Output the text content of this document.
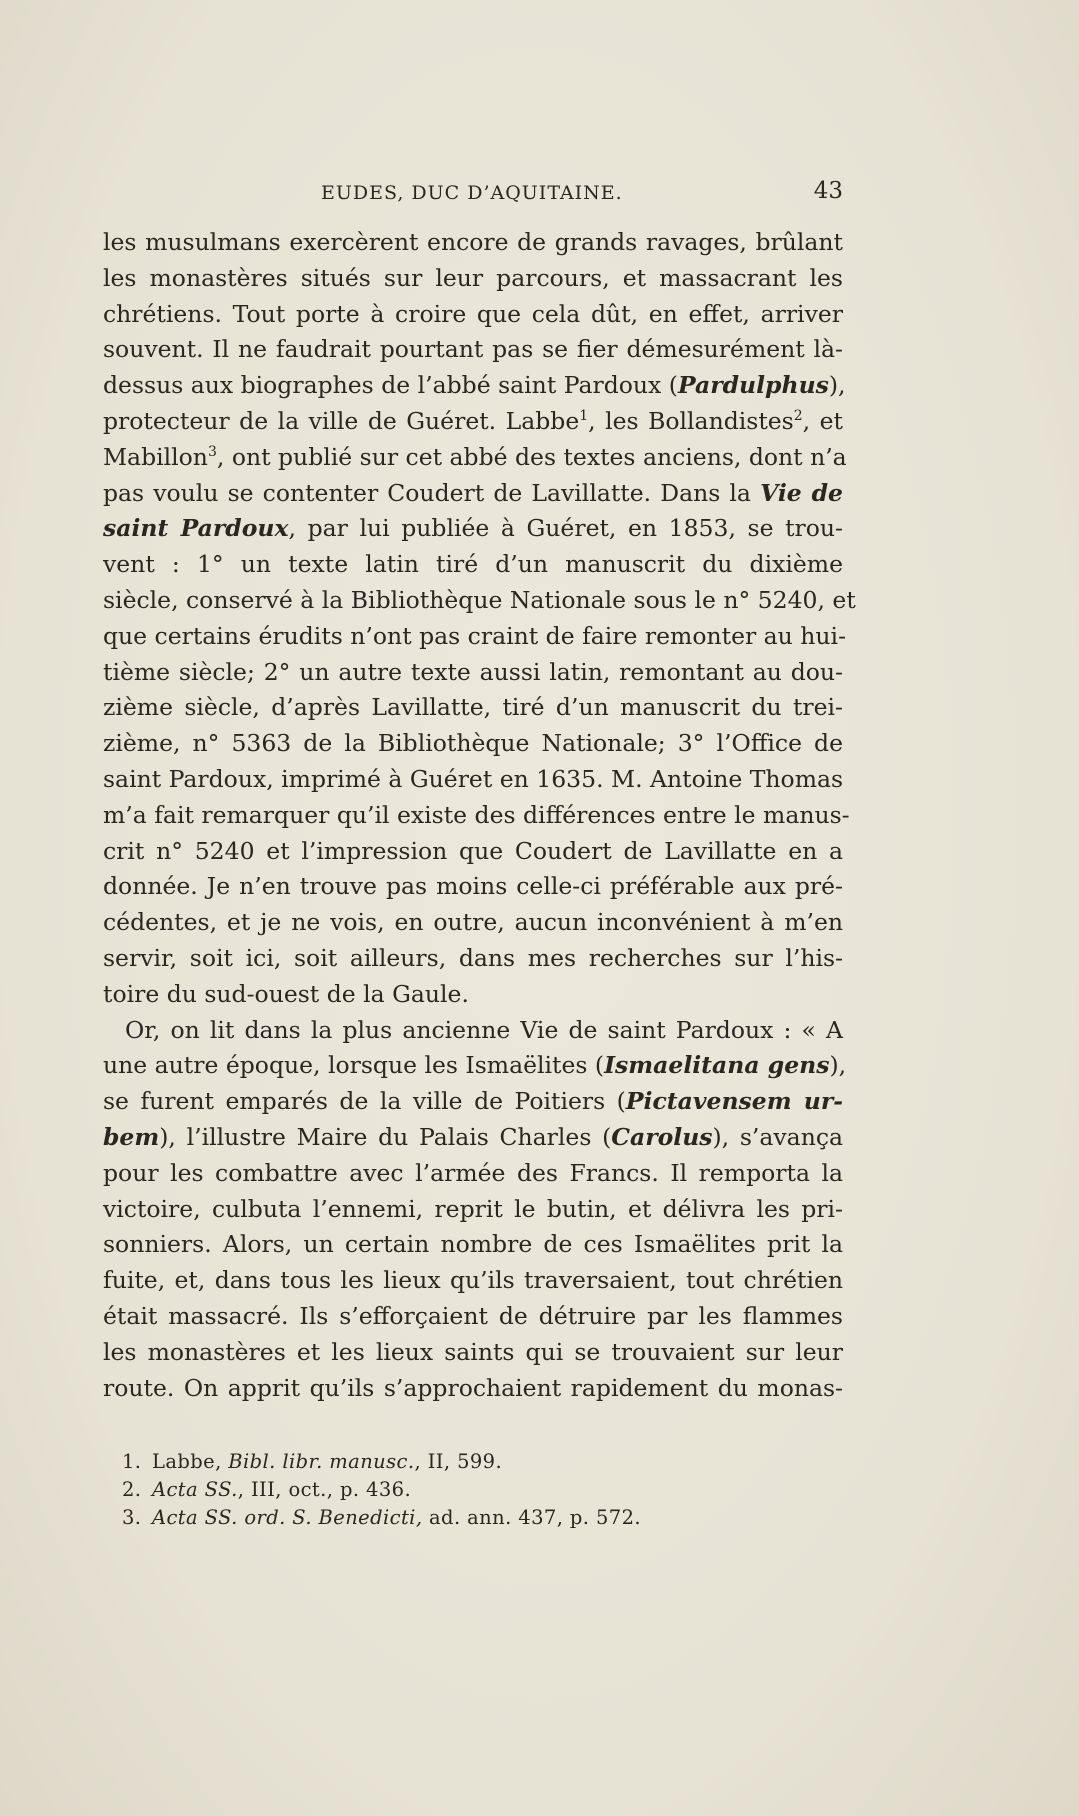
EUDES, DUC D’AQUITAINE.	43
les musulmans exercèrent encore de grands ravages, brûlant
les monastères situés sur leur parcours, et massacrant les
chrétiens. Tout porte à croire que cela dût, en effet, arriver
souvent. Il ne faudrait pourtant pas se fier démesurément là-
dessus aux biographes de l’abbé saint Pardoux (Pardulphus),
protecteur de la ville de Guéret. Labbe$^1$, les Bollandistes$^2$, et
Mabillon$^3$, ont publié sur cet abbé des textes anciens, dont n’a
pas voulu se contenter Coudert de Lavillatte. Dans la Vie de
saint Pardoux, par lui publiée à Guéret, en 1853, se trou-
vent : 1° un texte latin tiré d’un manuscrit du dixième
siècle, conservé à la Bibliothèque Nationale sous le n° 5240, et
que certains érudits n’ont pas craint de faire remonter au hui-
tième siècle; 2° un autre texte aussi latin, remontant au dou-
zième siècle, d’après Lavillatte, tiré d’un manuscrit du trei-
zième, n° 5363 de la Bibliothèque Nationale; 3° l’Office de
saint Pardoux, imprimé à Guéret en 1635. M. Antoine Thomas
m’a fait remarquer qu’il existe des différences entre le manus-
crit n° 5240 et l’impression que Coudert de Lavillatte en a
donnée. Je n’en trouve pas moins celle-ci préférable aux pré-
cédentes, et je ne vois, en outre, aucun inconvénient à m’en
servir, soit ici, soit ailleurs, dans mes recherches sur l’his-
toire du sud-ouest de la Gaule.
Or, on lit dans la plus ancienne Vie de saint Pardoux : « A
une autre époque, lorsque les Ismaëlites (Ismaelitana gens),
se furent emparés de la ville de Poitiers (Pictavensem ur-
bem), l’illustre Maire du Palais Charles (Carolus), s’avança
pour les combattre avec l’armée des Francs. Il remporta la
victoire, culbuta l’ennemi, reprit le butin, et délivra les pri-
sonniers. Alors, un certain nombre de ces Ismaëlites prit la
fuite, et, dans tous les lieux qu’ils traversaient, tout chrétien
était massacré. Ils s’efforçaient de détruire par les flammes
les monastères et les lieux saints qui se trouvaient sur leur
route. On apprit qu’ils s’approchaient rapidement du monas-
1. Labbe, Bibl. libr. manusc., II, 599.
2. Acta SS., III, oct., p. 436.
3. Acta SS. ord. S. Benedicti, ad. ann. 437, p. 572.
